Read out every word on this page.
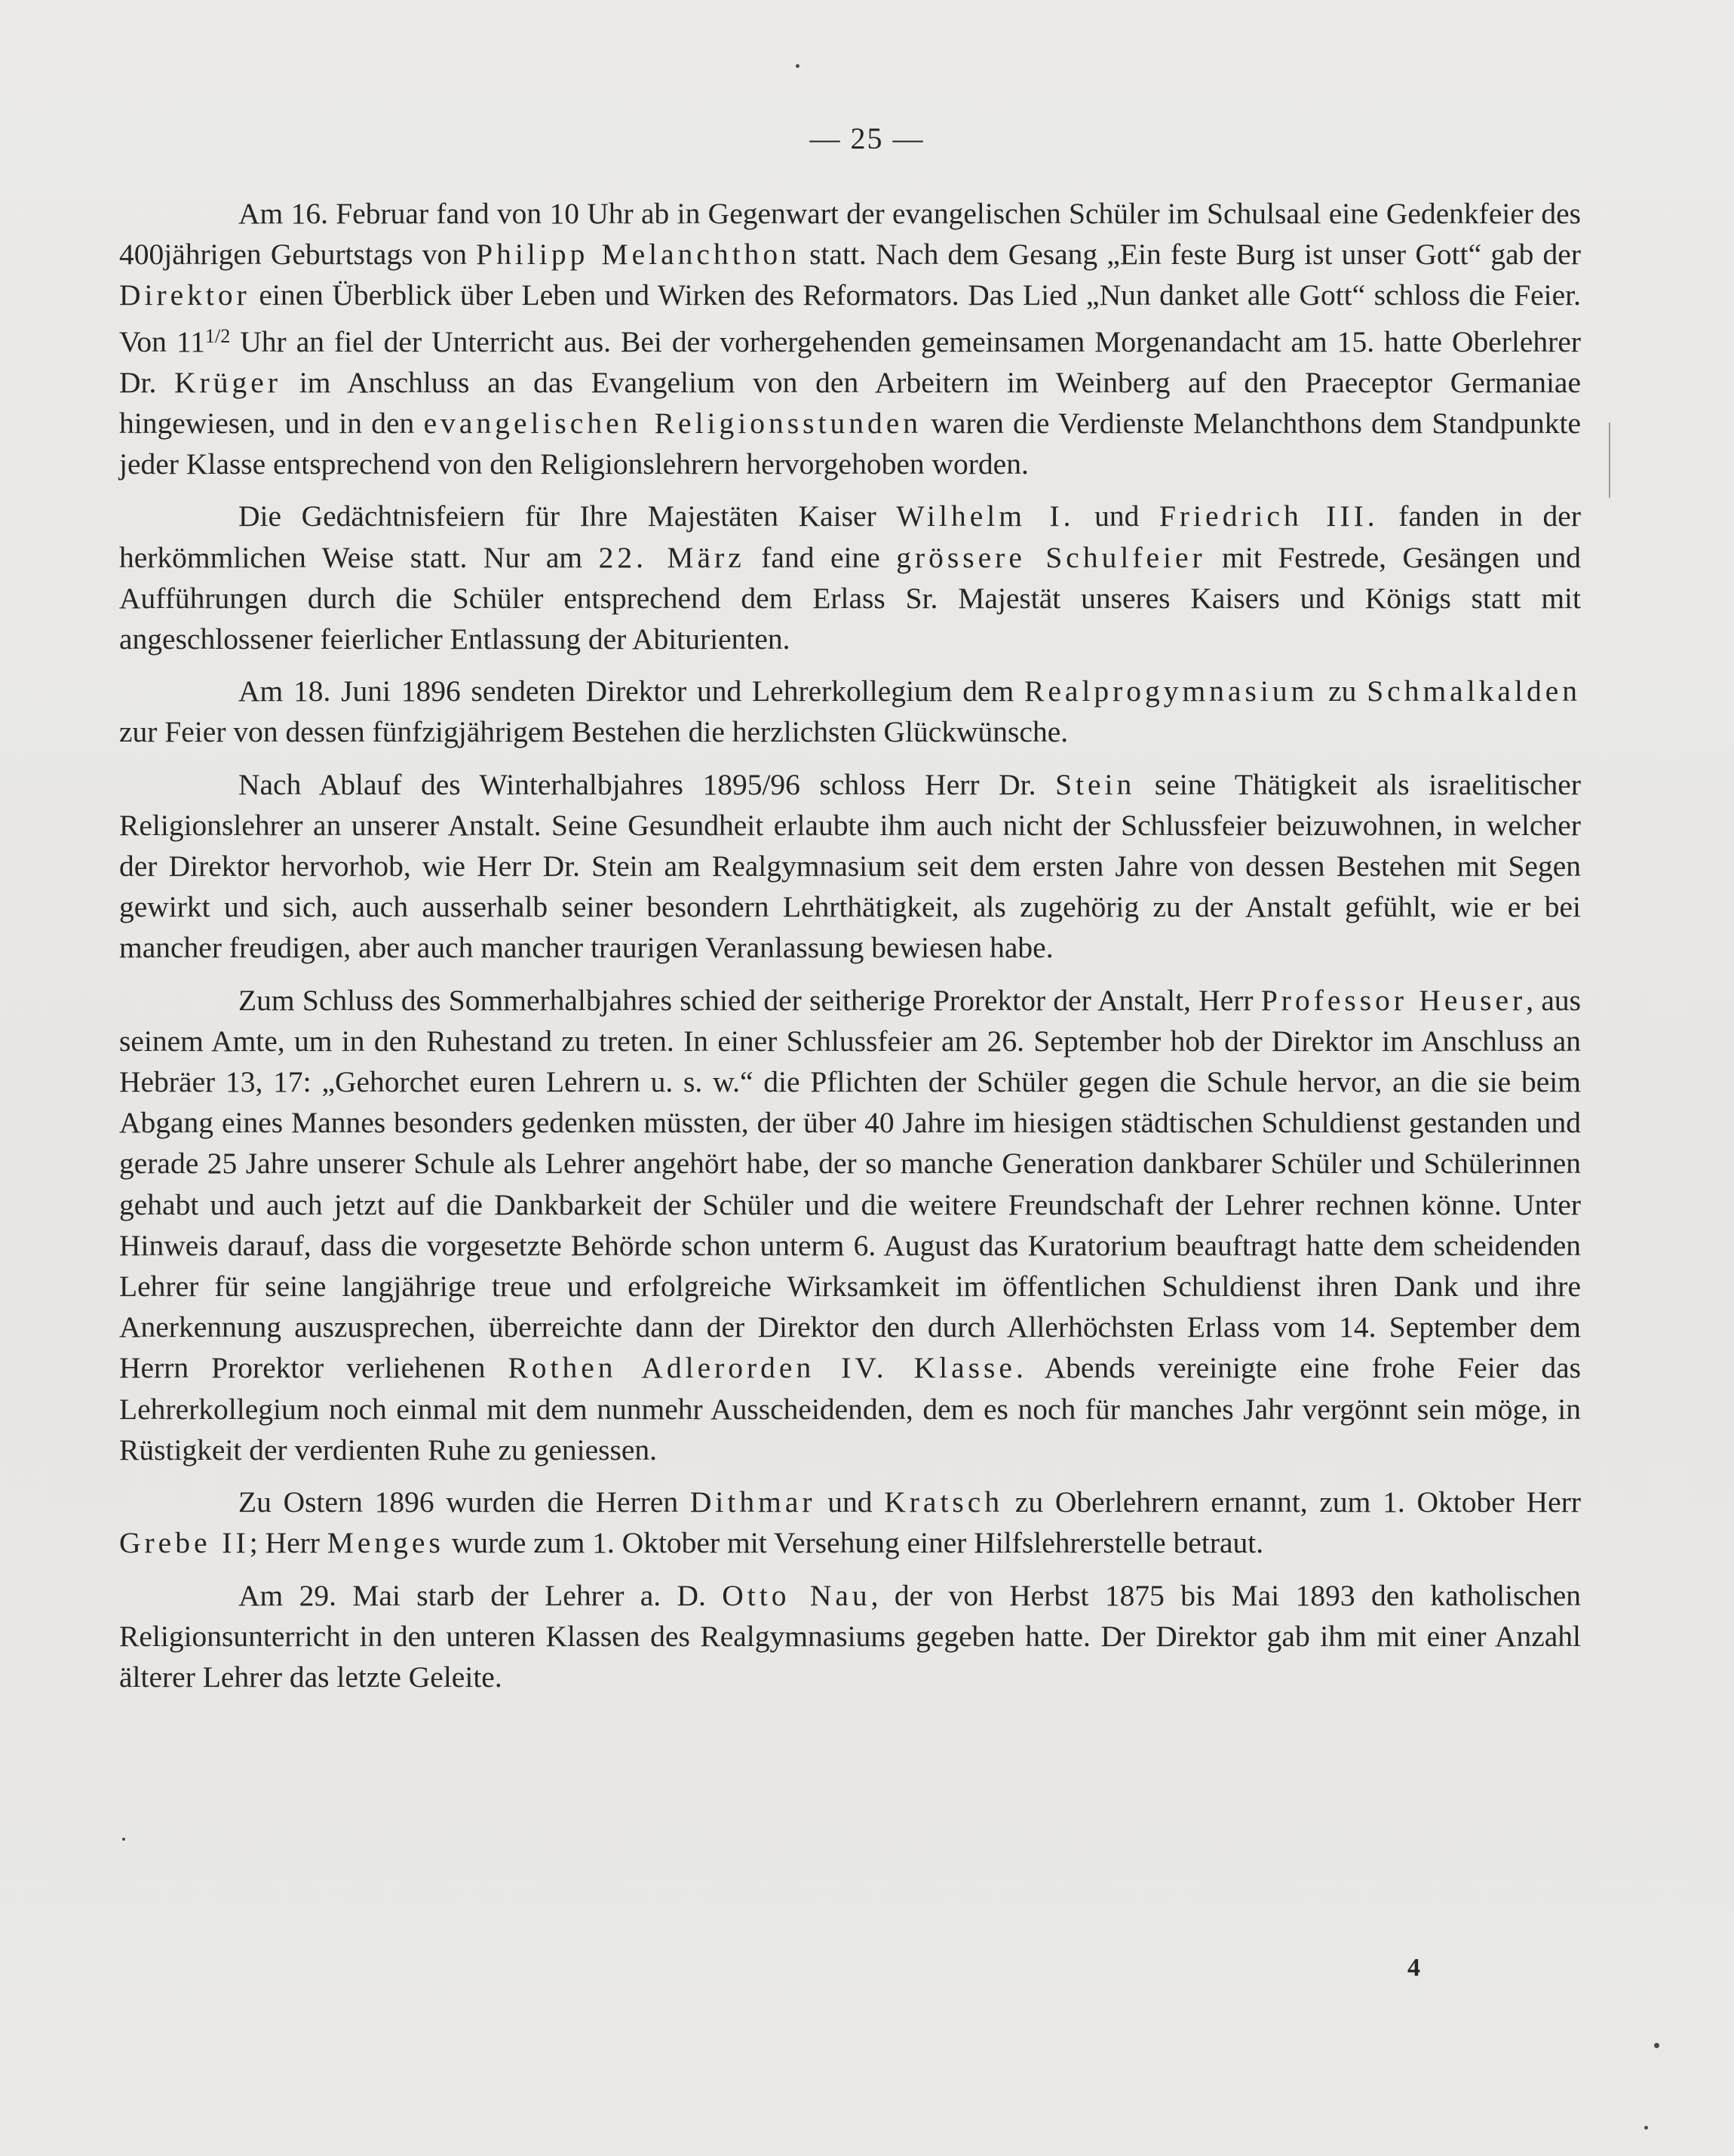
— 25 —

Am 16. Februar fand von 10 Uhr ab in Gegenwart der evangelischen Schüler im Schulsaal eine Gedenkfeier des 400jährigen Geburtstags von Philipp Melanchthon statt. Nach dem Gesang „Ein feste Burg ist unser Gott“ gab der Direktor einen Überblick über Leben und Wirken des Reformators. Das Lied „Nun danket alle Gott“ schloss die Feier. Von $11^{1/2}$ Uhr an fiel der Unterricht aus. Bei der vorhergehenden gemeinsamen Morgenandacht am 15. hatte Oberlehrer Dr. Krüger im Anschluss an das Evangelium von den Arbeitern im Weinberg auf den Praeceptor Germaniae hingewiesen, und in den evangelischen Religionsstunden waren die Verdienste Melanchthons dem Standpunkte jeder Klasse entsprechend von den Religionslehrern hervorgehoben worden.

Die Gedächtnisfeiern für Ihre Majestäten Kaiser Wilhelm I. und Friedrich III. fanden in der herkömmlichen Weise statt. Nur am 22. März fand eine grössere Schulfeier mit Festrede, Gesängen und Aufführungen durch die Schüler entsprechend dem Erlass Sr. Majestät unseres Kaisers und Königs statt mit angeschlossener feierlicher Entlassung der Abiturienten.

Am 18. Juni 1896 sendeten Direktor und Lehrerkollegium dem Realprogymnasium zu Schmalkalden zur Feier von dessen fünfzigjährigem Bestehen die herzlichsten Glückwünsche.

Nach Ablauf des Winterhalbjahres 1895/96 schloss Herr Dr. Stein seine Thätigkeit als israelitischer Religionslehrer an unserer Anstalt. Seine Gesundheit erlaubte ihm auch nicht der Schlussfeier beizuwohnen, in welcher der Direktor hervorhob, wie Herr Dr. Stein am Realgymnasium seit dem ersten Jahre von dessen Bestehen mit Segen gewirkt und sich, auch ausserhalb seiner besondern Lehrthätigkeit, als zugehörig zu der Anstalt gefühlt, wie er bei mancher freudigen, aber auch mancher traurigen Veranlassung bewiesen habe.

Zum Schluss des Sommerhalbjahres schied der seitherige Prorektor der Anstalt, Herr Professor Heuser, aus seinem Amte, um in den Ruhestand zu treten. In einer Schlussfeier am 26. September hob der Direktor im Anschluss an Hebräer 13, 17: „Gehorchet euren Lehrern u. s. w.“ die Pflichten der Schüler gegen die Schule hervor, an die sie beim Abgang eines Mannes besonders gedenken müssten, der über 40 Jahre im hiesigen städtischen Schuldienst gestanden und gerade 25 Jahre unserer Schule als Lehrer angehört habe, der so manche Generation dankbarer Schüler und Schülerinnen gehabt und auch jetzt auf die Dankbarkeit der Schüler und die weitere Freundschaft der Lehrer rechnen könne. Unter Hinweis darauf, dass die vorgesetzte Behörde schon unterm 6. August das Kuratorium beauftragt hatte dem scheidenden Lehrer für seine langjährige treue und erfolgreiche Wirksamkeit im öffentlichen Schuldienst ihren Dank und ihre Anerkennung auszusprechen, überreichte dann der Direktor den durch Allerhöchsten Erlass vom 14. September dem Herrn Prorektor verliehenen Rothen Adlerorden IV. Klasse. Abends vereinigte eine frohe Feier das Lehrerkollegium noch einmal mit dem nunmehr Ausscheidenden, dem es noch für manches Jahr vergönnt sein möge, in Rüstigkeit der verdienten Ruhe zu geniessen.

Zu Ostern 1896 wurden die Herren Dithmar und Kratsch zu Oberlehrern ernannt, zum 1. Oktober Herr Grebe II; Herr Menges wurde zum 1. Oktober mit Versehung einer Hilfslehrerstelle betraut.

Am 29. Mai starb der Lehrer a. D. Otto Nau, der von Herbst 1875 bis Mai 1893 den katholischen Religionsunterricht in den unteren Klassen des Realgymnasiums gegeben hatte. Der Direktor gab ihm mit einer Anzahl älterer Lehrer das letzte Geleite.

4
